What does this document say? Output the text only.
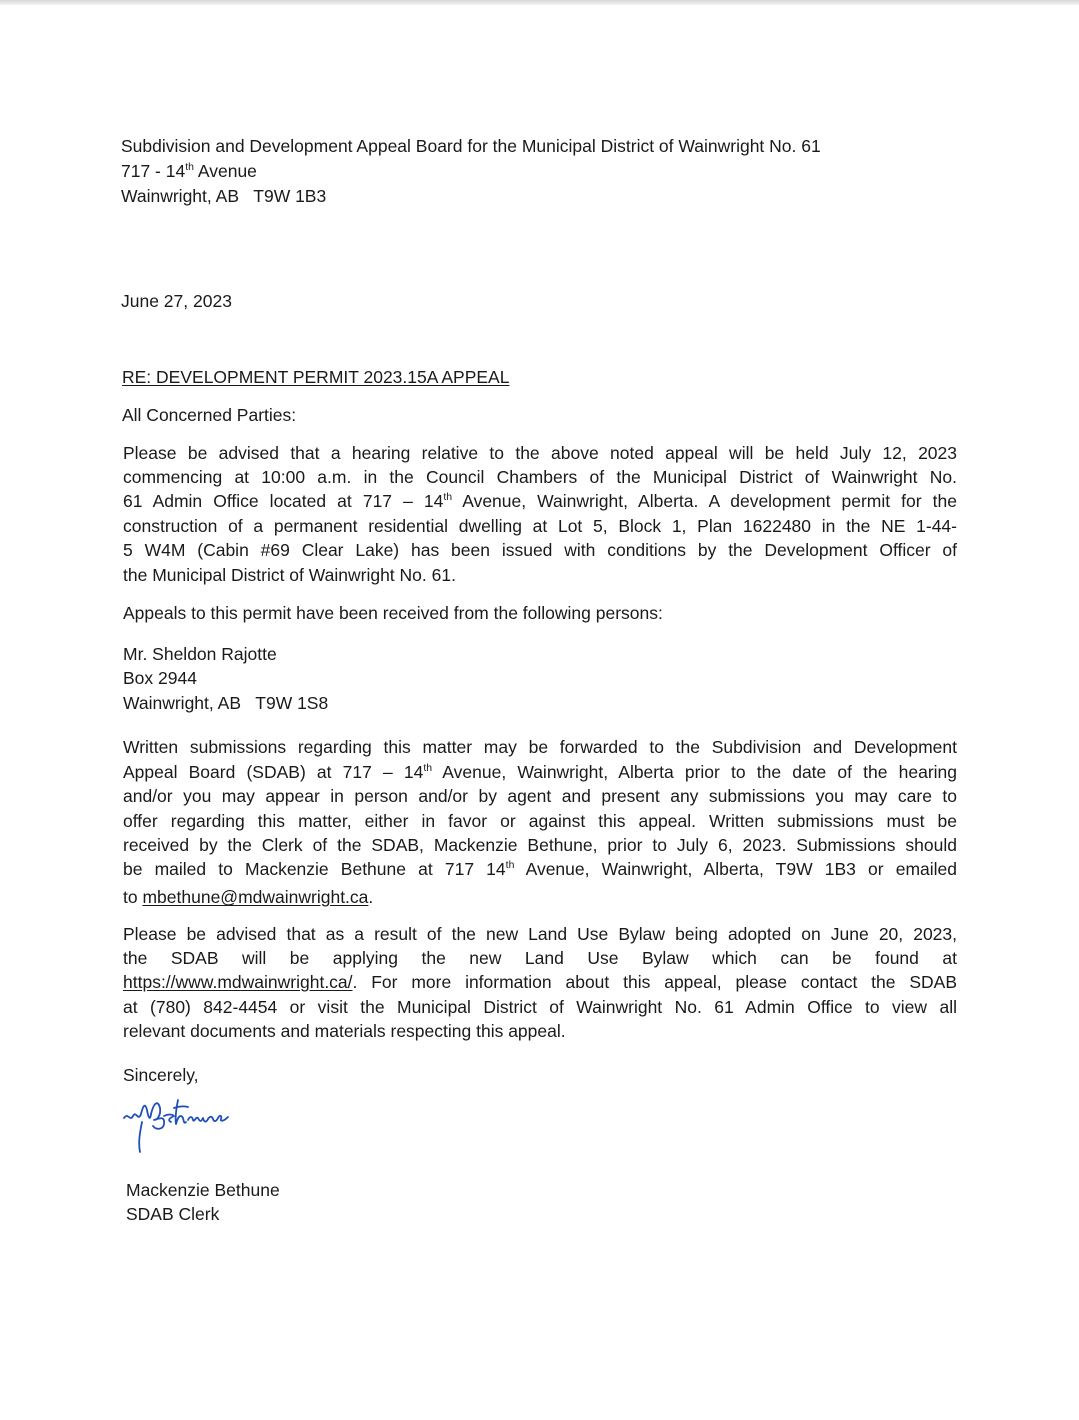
Subdivision and Development Appeal Board for the Municipal District of Wainwright No. 61

717 - 14th Avenue

Wainwright, AB   T9W 1B3

June 27, 2023

RE: DEVELOPMENT PERMIT 2023.15A APPEAL

All Concerned Parties:

Please be advised that a hearing relative to the above noted appeal will be held July 12, 2023

commencing at 10:00 a.m. in the Council Chambers of the Municipal District of Wainwright No.

61 Admin Office located at 717 – 14th Avenue, Wainwright, Alberta. A development permit for the

construction of a permanent residential dwelling at Lot 5, Block 1, Plan 1622480 in the NE 1-44-

5 W4M (Cabin #69 Clear Lake) has been issued with conditions by the Development Officer of

the Municipal District of Wainwright No. 61.

Appeals to this permit have been received from the following persons:

Mr. Sheldon Rajotte

Box 2944

Wainwright, AB   T9W 1S8

Written submissions regarding this matter may be forwarded to the Subdivision and Development

Appeal Board (SDAB) at 717 – 14th Avenue, Wainwright, Alberta prior to the date of the hearing

and/or you may appear in person and/or by agent and present any submissions you may care to

offer regarding this matter, either in favor or against this appeal. Written submissions must be

received by the Clerk of the SDAB, Mackenzie Bethune, prior to July 6, 2023. Submissions should

be mailed to Mackenzie Bethune at 717 14th Avenue, Wainwright, Alberta, T9W 1B3 or emailed

to mbethune@mdwainwright.ca.

Please be advised that as a result of the new Land Use Bylaw being adopted on June 20, 2023,

the SDAB will be applying the new Land Use Bylaw which can be found at

https://www.mdwainwright.ca/. For more information about this appeal, please contact the SDAB

at (780) 842-4454 or visit the Municipal District of Wainwright No. 61 Admin Office to view all

relevant documents and materials respecting this appeal.

Sincerely,

Mackenzie Bethune

SDAB Clerk
